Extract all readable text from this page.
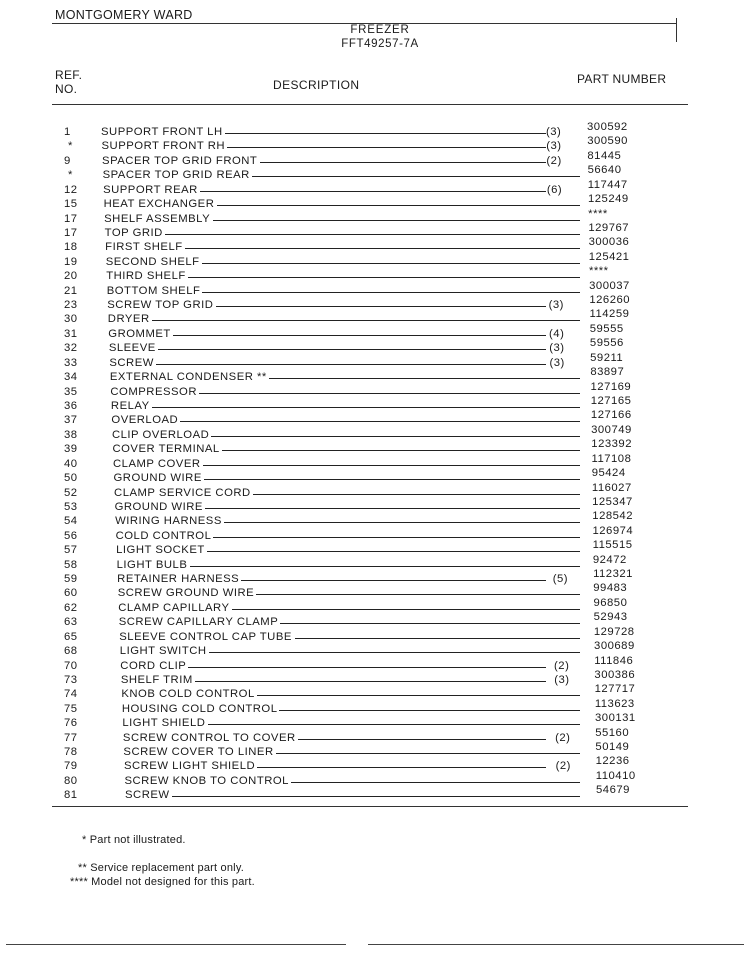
MONTGOMERY WARD
FREEZER
FFT49257-7A
REF.
NO.	DESCRIPTION	PART NUMBER
1	SUPPORT FRONT LH	(3) 300592
*	SUPPORT FRONT RH	(3) 300590
9	SPACER TOP GRID FRONT	(2) 81445
*	SPACER TOP GRID REAR	56640
12 SUPPORT REAR	(6) 117447
15 HEAT EXCHANGER	125249
17 SHELF ASSEMBLY	****
17 TOP GRID	129767
18 FIRST SHELF	300036
19 SECOND SHELF	125421
20	THIRD SHELF	****
21	BOTTOM SHELF	300037
23	SCREW TOP GRID	(3) 126260
30	DRYER	114259
31	GROMMET	(4) 59555
32	SLEEVE	(3) 59556
33	SCREW	(3) 59211
34	EXTERNAL CONDENSER **	83897
35	COMPRESSOR	127169
36	RELAY	127165
37	OVERLOAD	127166
38	CLIP OVERLOAD	300749
39	COVER TERMINAL	123392
40	CLAMP COVER	117108
50	GROUND WIRE	95424
52	CLAMP SERVICE CORD	116027
53	GROUND WIRE	125347
54	WIRING HARNESS	128542
56	COLD CONTROL	126974
57	LIGHT SOCKET	115515
58	LIGHT BULB	92472
59	RETAINER HARNESS	(5) 112321
60	SCREW GROUND WIRE	99483
62	CLAMP CAPILLARY	96850
63	SCREW CAPILLARY CLAMP	52943
65	SLEEVE CONTROL CAP TUBE	129728
68	LIGHT SWITCH	300689
70	CORD CLIP	(2) 111846
73	SHELF TRIM	(3) 300386
74	KNOB COLD CONTROL	127717
75	HOUSING COLD CONTROL	113623
76	LIGHT SHIELD	300131
77	SCREW CONTROL TO COVER	(2) 55160
78	SCREW COVER TO LINER	50149
79	SCREW LIGHT SHIELD	(2) 12236
80	SCREW KNOB TO CONTROL	110410
81	SCREW	54679
* Part not illustrated.
** Service replacement part only.
**** Model not designed for this part.
